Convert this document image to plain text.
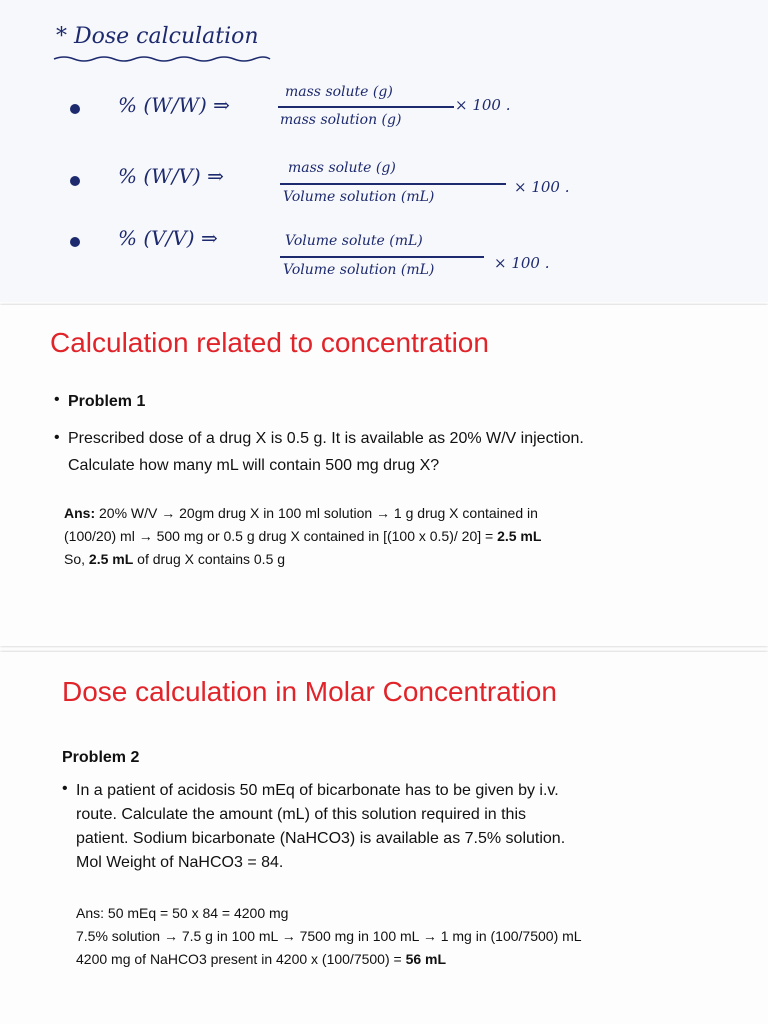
* Dose calculation
% (W/W) ⇒
mass solute (g)
mass solution (g)
× 100 .
% (W/V) ⇒	mass solute (g)
Volume solution (mL)
× 100 .
% (V/V) ⇒	Volume solute (mL)
Volume solution (mL)	× 100 .
Calculation related to concentration
• Problem 1
• Prescribed dose of a drug X is 0.5 g. It is available as 20% W/V injection.
Calculate how many mL will contain 500 mg drug X?
Ans: 20% W/V → 20gm drug X in 100 ml solution → 1 g drug X contained in
(100/20) ml → 500 mg or 0.5 g drug X contained in [(100 x 0.5)/ 20] = 2.5 mL
So, 2.5 mL of drug X contains 0.5 g
Dose calculation in Molar Concentration
Problem 2
• In a patient of acidosis 50 mEq of bicarbonate has to be given by i.v.
route. Calculate the amount (mL) of this solution required in this
patient. Sodium bicarbonate (NaHCO3) is available as 7.5% solution.
Mol Weight of NaHCO3 = 84.
Ans: 50 mEq = 50 x 84 = 4200 mg
7.5% solution → 7.5 g in 100 mL → 7500 mg in 100 mL → 1 mg in (100/7500) mL
4200 mg of NaHCO3 present in 4200 x (100/7500) = 56 mL
